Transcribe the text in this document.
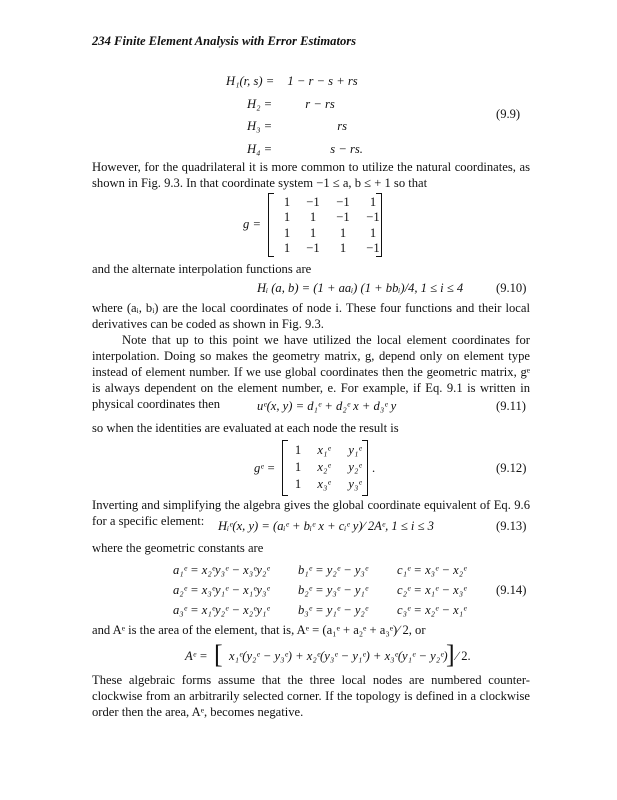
234 Finite Element Analysis with Error Estimators
H₁(r, s) = 1 − r − s + rs
H₂ =	r − rs
H₃ =	rs
H₄ =	s − rs.
(9.9)
However, for the quadrilateral it is more common to utilize the natural coordinates, as shown in Fig. 9.3. In that coordinate system −1 ≤ a, b ≤ + 1 so that
g =
1	−1	−1	1
1	1	−1	−1
1	1	1	1
1	−1	1	−1
and the alternate interpolation functions are
Hᵢ (a, b) = (1 + aaᵢ) (1 + bbᵢ)/4, 1 ≤ i ≤ 4	(9.10)
where (aᵢ, bᵢ) are the local coordinates of node i. These four functions and their local derivatives can be coded as shown in Fig. 9.3.
Note that up to this point we have utilized the local element coordinates for interpolation. Doing so makes the geometry matrix, g, depend only on element type instead of element number. If we use global coordinates then the geometric matrix, gᵉ is always dependent on the element number, e. For example, if Eq. 9.1 is written in physical coordinates then	uᵉ(x, y) = d₁ᵉ + d₂ᵉ x + d₃ᵉ y	(9.11)
so when the identities are evaluated at each node the result is
gᵉ =
1	x₁ᵉ	y₁ᵉ
1	x₂ᵉ	y₂ᵉ
1	x₃ᵉ	y₃ᵉ
.	(9.12)
Inverting and simplifying the algebra gives the global coordinate equivalent of Eq. 9.6 for a specific element:	Hᵢᵉ(x, y) = (aᵢᵉ + bᵢᵉ x + cᵢᵉ y)∕ 2Aᵉ, 1 ≤ i ≤ 3	(9.13)
where the geometric constants are
a₁ᵉ = x₂ᵉy₃ᵉ − x₃ᵉy₂ᵉ b₁ᵉ = y₂ᵉ − y₃ᵉ c₁ᵉ = x₃ᵉ − x₂ᵉ
a₂ᵉ = x₃ᵉy₁ᵉ − x₁ᵉy₃ᵉ b₂ᵉ = y₃ᵉ − y₁ᵉ c₂ᵉ = x₁ᵉ − x₃ᵉ
a₃ᵉ = x₁ᵉy₂ᵉ − x₂ᵉy₁ᵉ b₃ᵉ = y₁ᵉ − y₂ᵉ c₃ᵉ = x₂ᵉ − x₁ᵉ
(9.14)
and Aᵉ is the area of the element, that is, Aᵉ = (a₁ᵉ + a₂ᵉ + a₃ᵉ)∕ 2, or
Aᵉ = [ x₁ᵉ(y₂ᵉ − y₃ᵉ) + x₂ᵉ(y₃ᵉ − y₁ᵉ) + x₃ᵉ(y₁ᵉ − y₂ᵉ)
] ∕ 2.
These algebraic forms assume that the three local nodes are numbered counter-clockwise from an arbitrarily selected corner. If the topology is defined in a clockwise order then the area, Aᵉ, becomes negative.
